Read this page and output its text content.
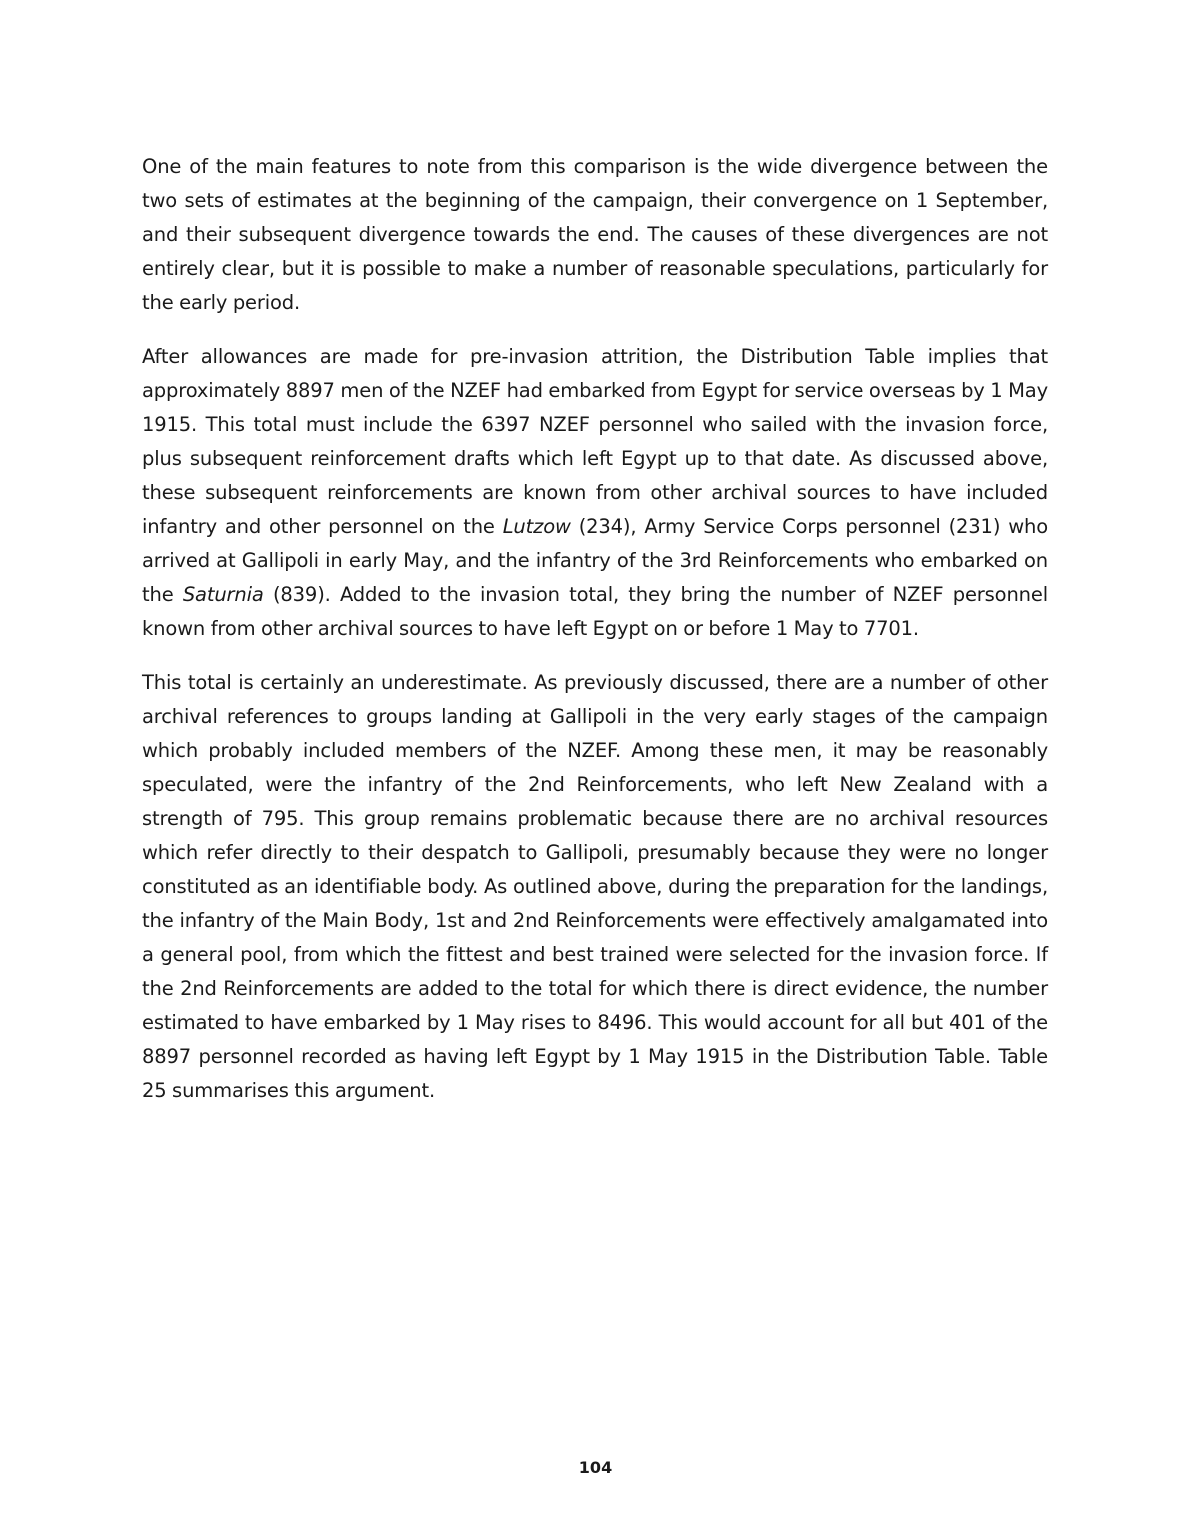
One of the main features to note from this comparison is the wide divergence between the two sets of estimates at the beginning of the campaign, their convergence on 1 September, and their subsequent divergence towards the end. The causes of these divergences are not entirely clear, but it is possible to make a number of reasonable speculations, particularly for the early period.

After allowances are made for pre-invasion attrition, the Distribution Table implies that approximately 8897 men of the NZEF had embarked from Egypt for service overseas by 1 May 1915. This total must include the 6397 NZEF personnel who sailed with the invasion force, plus subsequent reinforcement drafts which left Egypt up to that date. As discussed above, these subsequent reinforcements are known from other archival sources to have included infantry and other personnel on the Lutzow (234), Army Service Corps personnel (231) who arrived at Gallipoli in early May, and the infantry of the 3rd Reinforcements who embarked on the Saturnia (839). Added to the invasion total, they bring the number of NZEF personnel known from other archival sources to have left Egypt on or before 1 May to 7701.

This total is certainly an underestimate. As previously discussed, there are a number of other archival references to groups landing at Gallipoli in the very early stages of the campaign which probably included members of the NZEF. Among these men, it may be reasonably speculated, were the infantry of the 2nd Reinforcements, who left New Zealand with a strength of 795. This group remains problematic because there are no archival resources which refer directly to their despatch to Gallipoli, presumably because they were no longer constituted as an identifiable body. As outlined above, during the preparation for the landings, the infantry of the Main Body, 1st and 2nd Reinforcements were effectively amalgamated into a general pool, from which the fittest and best trained were selected for the invasion force. If the 2nd Reinforcements are added to the total for which there is direct evidence, the number estimated to have embarked by 1 May rises to 8496. This would account for all but 401 of the 8897 personnel recorded as having left Egypt by 1 May 1915 in the Distribution Table. Table 25 summarises this argument.

104
